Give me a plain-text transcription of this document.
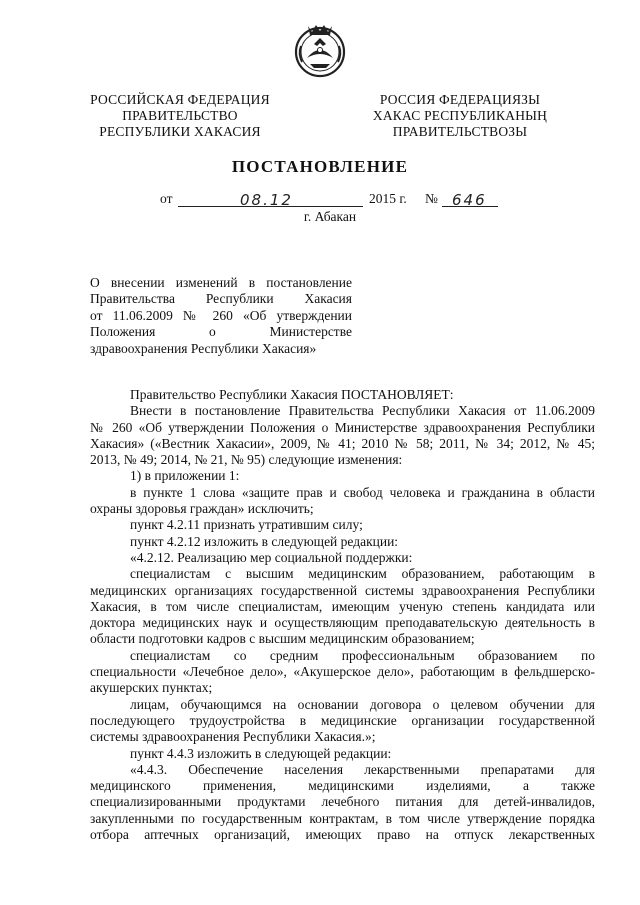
РОССИЙСКАЯ ФЕДЕРАЦИЯ
ПРАВИТЕЛЬСТВО
РЕСПУБЛИКИ ХАКАСИЯ
РОССИЯ ФЕДЕРАЦИЯЗЫ
ХАКАС РЕСПУБЛИКАНЫҢ
ПРАВИТЕЛЬСТВОЗЫ
ПОСТАНОВЛЕНИЕ
от	08.12	2015 г. № 646
г. Абакан
О внесении изменений в постановление
Правительства Республики Хакасия
от 11.06.2009 № 260 «Об утверждении
Положения о Министерстве
здравоохранения Республики Хакасия»
Правительство Республики Хакасия ПОСТАНОВЛЯЕТ:
Внести в постановление Правительства Республики Хакасия от 11.06.2009
№ 260 «Об утверждении Положения о Министерстве здравоохранения Республики
Хакасия» («Вестник Хакасии», 2009, № 41; 2010 № 58; 2011, № 34; 2012, № 45;
2013, № 49; 2014, № 21, № 95) следующие изменения:
1) в приложении 1:
в пункте 1 слова «защите прав и свобод человека и гражданина в области
охраны здоровья граждан» исключить;
пункт 4.2.11 признать утратившим силу;
пункт 4.2.12 изложить в следующей редакции:
«4.2.12. Реализацию мер социальной поддержки:
специалистам с высшим медицинским образованием, работающим в
медицинских организациях государственной системы здравоохранения Республики
Хакасия, в том числе специалистам, имеющим ученую степень кандидата или
доктора медицинских наук и осуществляющим преподавательскую деятельность в
области подготовки кадров с высшим медицинским образованием;
специалистам со средним профессиональным образованием по
специальности «Лечебное дело», «Акушерское дело», работающим в фельдшерско-
акушерских пунктах;
лицам, обучающимся на основании договора о целевом обучении для
последующего трудоустройства в медицинские организации государственной
системы здравоохранения Республики Хакасия.»;
пункт 4.4.3 изложить в следующей редакции:
«4.4.3. Обеспечение населения лекарственными препаратами для
медицинского применения, медицинскими изделиями, а также
специализированными продуктами лечебного питания для детей-инвалидов,
закупленными по государственным контрактам, в том числе утверждение порядка
отбора аптечных организаций, имеющих право на отпуск лекарственных
